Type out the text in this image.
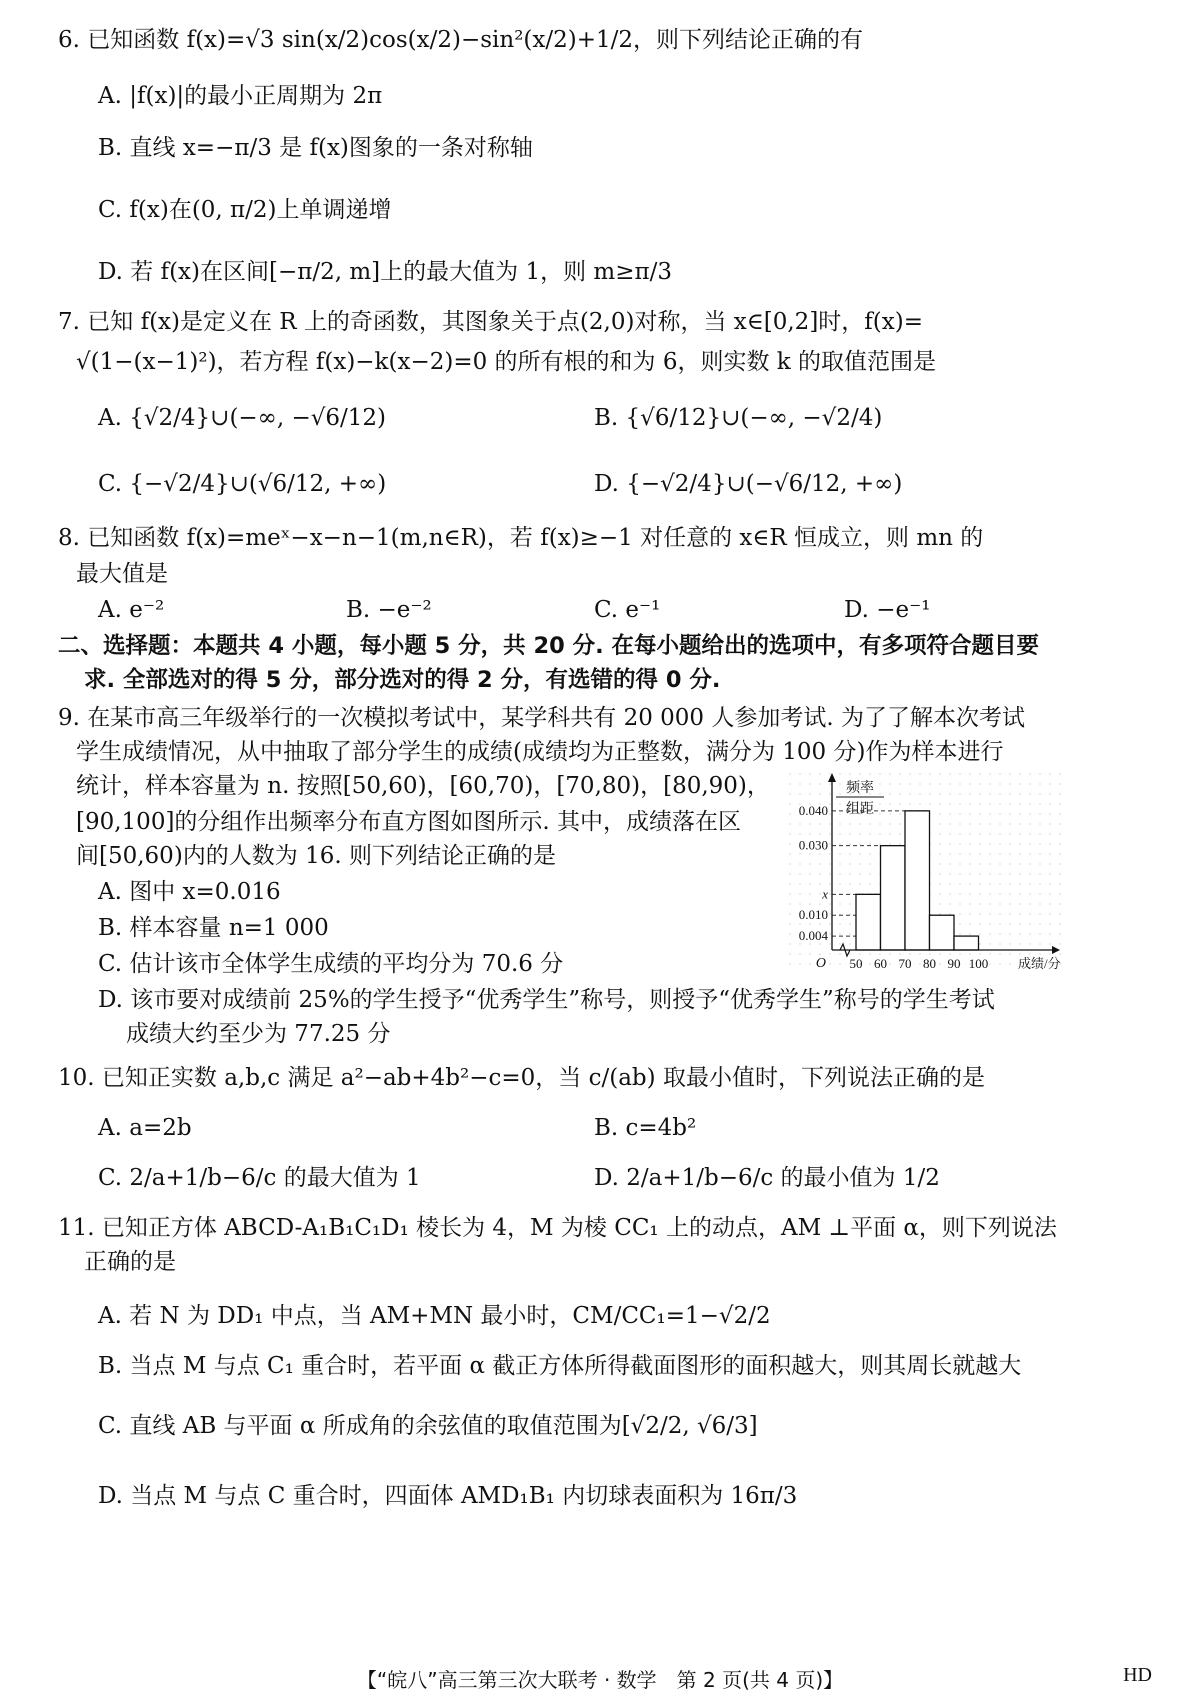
6. 已知函数 f(x)=√3 sin(x/2)cos(x/2)−sin²(x/2)+1/2，则下列结论正确的有
A. |f(x)|的最小正周期为 2π
B. 直线 x=−π/3 是 f(x)图象的一条对称轴
C. f(x)在(0, π/2)上单调递增
D. 若 f(x)在区间[−π/2, m]上的最大值为 1，则 m≥π/3
7. 已知 f(x)是定义在 R 上的奇函数，其图象关于点(2,0)对称，当 x∈[0,2]时，f(x)=
√(1−(x−1)²)，若方程 f(x)−k(x−2)=0 的所有根的和为 6，则实数 k 的取值范围是
A. {√2/4}∪(−∞, −√6/12)	B. {√6/12}∪(−∞, −√2/4)
C. {−√2/4}∪(√6/12, +∞)	D. {−√2/4}∪(−√6/12, +∞)
8. 已知函数 f(x)=meˣ−x−n−1(m,n∈R)，若 f(x)≥−1 对任意的 x∈R 恒成立，则 mn 的
最大值是
A. e⁻²	B. −e⁻²	C. e⁻¹	D. −e⁻¹
二、选择题：本题共 4 小题，每小题 5 分，共 20 分. 在每小题给出的选项中，有多项符合题目要
求. 全部选对的得 5 分，部分选对的得 2 分，有选错的得 0 分.
9. 在某市高三年级举行的一次模拟考试中，某学科共有 20 000 人参加考试. 为了了解本次考试
学生成绩情况，从中抽取了部分学生的成绩(成绩均为正整数，满分为 100 分)作为样本进行
统计，样本容量为 n. 按照[50,60)，[60,70)，[70,80)，[80,90)，
[90,100]的分组作出频率分布直方图如图所示. 其中，成绩落在区
间[50,60)内的人数为 16. 则下列结论正确的是
A. 图中 x=0.016
B. 样本容量 n=1 000
C. 估计该市全体学生成绩的平均分为 70.6 分
D. 该市要对成绩前 25%的学生授予“优秀学生”称号，则授予“优秀学生”称号的学生考试
成绩大约至少为 77.25 分
0.040
0.030
x
0.010
0.004
50 60 70 80 90 100 成绩/分
O
频率
组距
10. 已知正实数 a,b,c 满足 a²−ab+4b²−c=0，当 c/(ab) 取最小值时，下列说法正确的是
A. a=2b	B. c=4b²
C. 2/a+1/b−6/c 的最大值为 1	D. 2/a+1/b−6/c 的最小值为 1/2
11. 已知正方体 ABCD-A₁B₁C₁D₁ 棱长为 4，M 为棱 CC₁ 上的动点，AM ⊥平面 α，则下列说法
正确的是
A. 若 N 为 DD₁ 中点，当 AM+MN 最小时，CM/CC₁=1−√2/2
B. 当点 M 与点 C₁ 重合时，若平面 α 截正方体所得截面图形的面积越大，则其周长就越大
C. 直线 AB 与平面 α 所成角的余弦值的取值范围为[√2/2, √6/3]
D. 当点 M 与点 C 重合时，四面体 AMD₁B₁ 内切球表面积为 16π/3
【“皖八”高三第三次大联考 · 数学　第 2 页(共 4 页)】	HD
